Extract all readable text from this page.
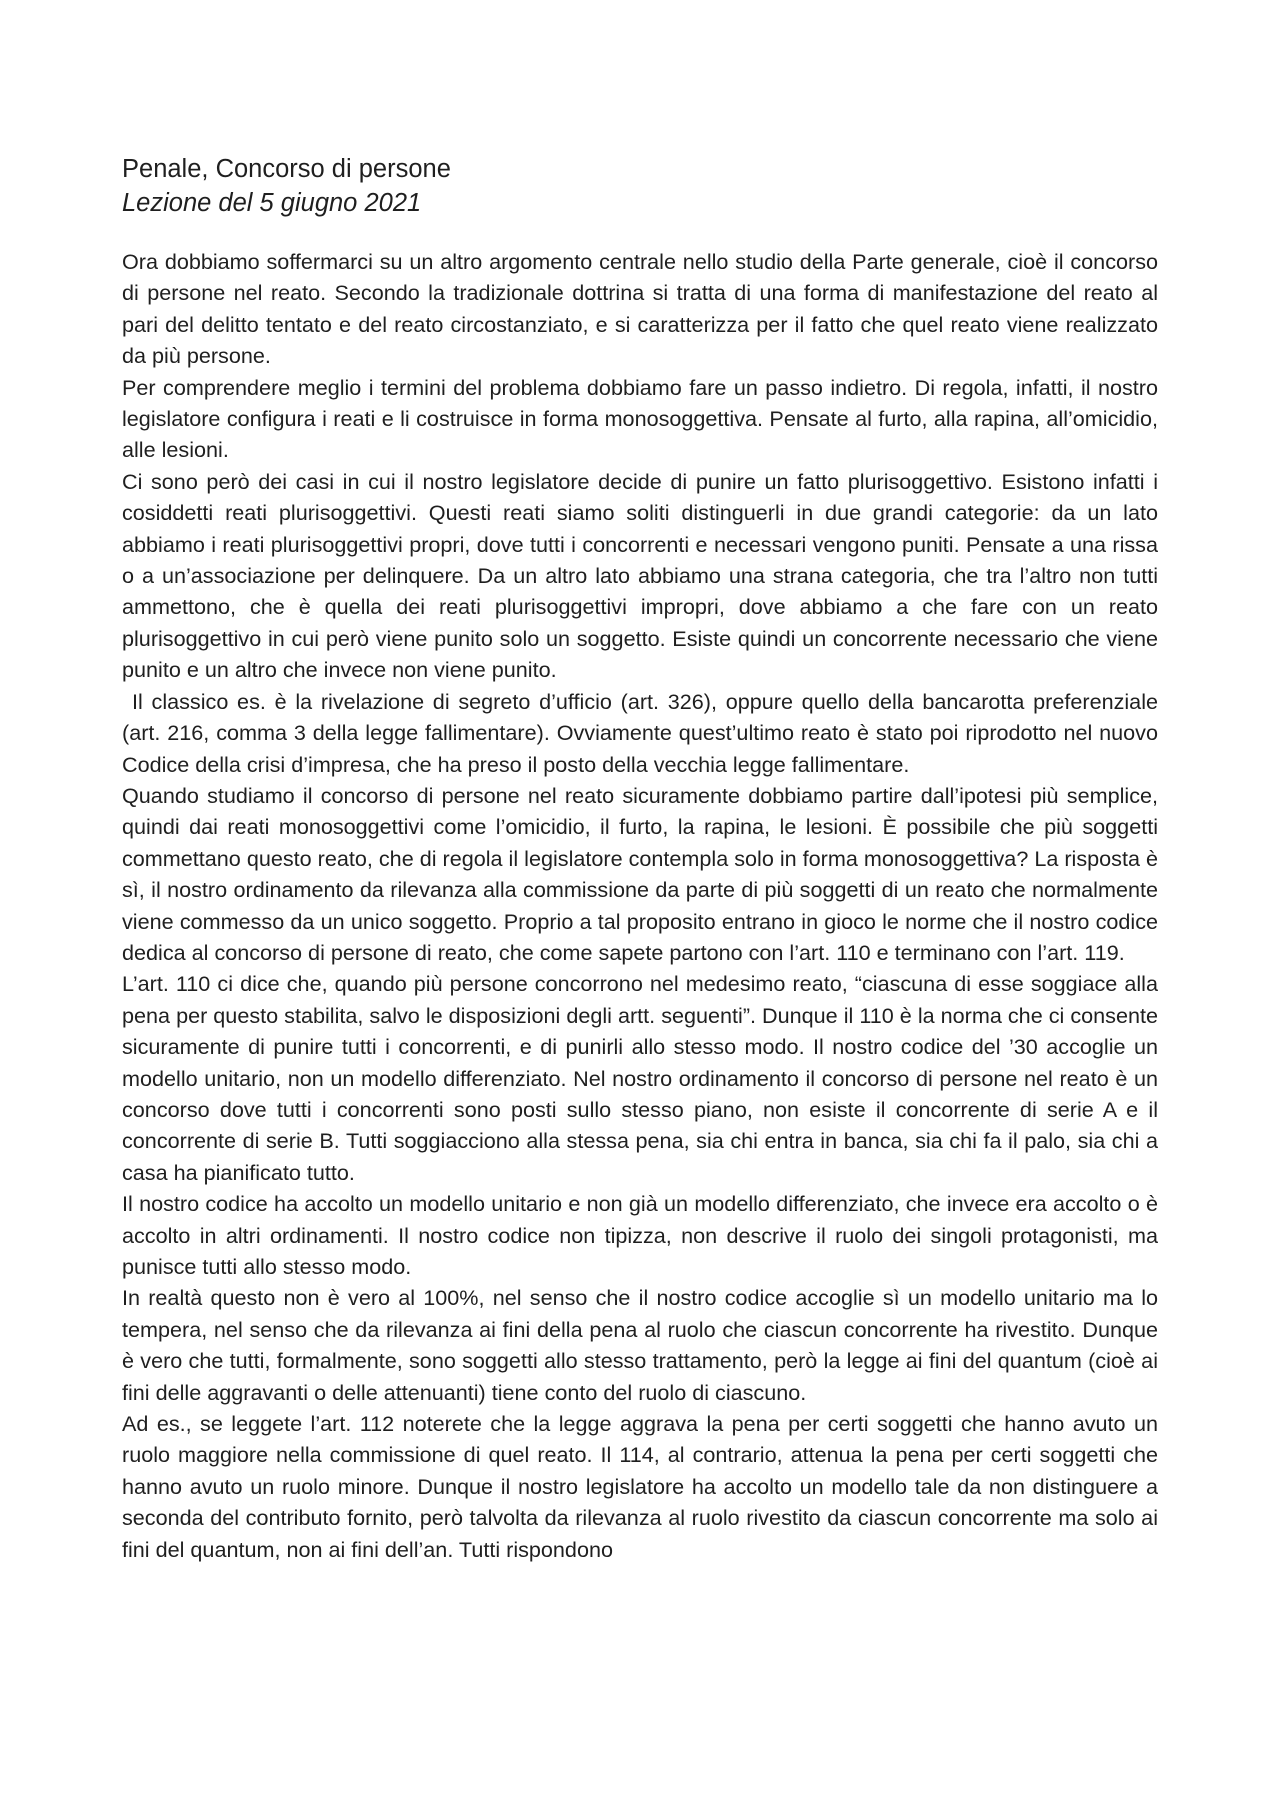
Penale, Concorso di persone
Lezione del 5 giugno 2021

Ora dobbiamo soffermarci su un altro argomento centrale nello studio della Parte generale, cioè il concorso di persone nel reato. Secondo la tradizionale dottrina si tratta di una forma di manifestazione del reato al pari del delitto tentato e del reato circostanziato, e si caratterizza per il fatto che quel reato viene realizzato da più persone.

Per comprendere meglio i termini del problema dobbiamo fare un passo indietro. Di regola, infatti, il nostro legislatore configura i reati e li costruisce in forma monosoggettiva. Pensate al furto, alla rapina, all’omicidio, alle lesioni.

Ci sono però dei casi in cui il nostro legislatore decide di punire un fatto plurisoggettivo. Esistono infatti i cosiddetti reati plurisoggettivi. Questi reati siamo soliti distinguerli in due grandi categorie: da un lato abbiamo i reati plurisoggettivi propri, dove tutti i concorrenti e necessari vengono puniti. Pensate a una rissa o a un’associazione per delinquere. Da un altro lato abbiamo una strana categoria, che tra l’altro non tutti ammettono, che è quella dei reati plurisoggettivi impropri, dove abbiamo a che fare con un reato plurisoggettivo in cui però viene punito solo un soggetto. Esiste quindi un concorrente necessario che viene punito e un altro che invece non viene punito.

Il classico es. è la rivelazione di segreto d’ufficio (art. 326), oppure quello della bancarotta preferenziale (art. 216, comma 3 della legge fallimentare). Ovviamente quest’ultimo reato è stato poi riprodotto nel nuovo Codice della crisi d’impresa, che ha preso il posto della vecchia legge fallimentare.

Quando studiamo il concorso di persone nel reato sicuramente dobbiamo partire dall’ipotesi più semplice, quindi dai reati monosoggettivi come l’omicidio, il furto, la rapina, le lesioni. È possibile che più soggetti commettano questo reato, che di regola il legislatore contempla solo in forma monosoggettiva? La risposta è sì, il nostro ordinamento da rilevanza alla commissione da parte di più soggetti di un reato che normalmente viene commesso da un unico soggetto. Proprio a tal proposito entrano in gioco le norme che il nostro codice dedica al concorso di persone di reato, che come sapete partono con l’art. 110 e terminano con l’art. 119.

L’art. 110 ci dice che, quando più persone concorrono nel medesimo reato, “ciascuna di esse soggiace alla pena per questo stabilita, salvo le disposizioni degli artt. seguenti”. Dunque il 110 è la norma che ci consente sicuramente di punire tutti i concorrenti, e di punirli allo stesso modo. Il nostro codice del ’30 accoglie un modello unitario, non un modello differenziato. Nel nostro ordinamento il concorso di persone nel reato è un concorso dove tutti i concorrenti sono posti sullo stesso piano, non esiste il concorrente di serie A e il concorrente di serie B. Tutti soggiacciono alla stessa pena, sia chi entra in banca, sia chi fa il palo, sia chi a casa ha pianificato tutto.

Il nostro codice ha accolto un modello unitario e non già un modello differenziato, che invece era accolto o è accolto in altri ordinamenti. Il nostro codice non tipizza, non descrive il ruolo dei singoli protagonisti, ma punisce tutti allo stesso modo.

In realtà questo non è vero al 100%, nel senso che il nostro codice accoglie sì un modello unitario ma lo tempera, nel senso che da rilevanza ai fini della pena al ruolo che ciascun concorrente ha rivestito. Dunque è vero che tutti, formalmente, sono soggetti allo stesso trattamento, però la legge ai fini del quantum (cioè ai fini delle aggravanti o delle attenuanti) tiene conto del ruolo di ciascuno.

Ad es., se leggete l’art. 112 noterete che la legge aggrava la pena per certi soggetti che hanno avuto un ruolo maggiore nella commissione di quel reato. Il 114, al contrario, attenua la pena per certi soggetti che hanno avuto un ruolo minore. Dunque il nostro legislatore ha accolto un modello tale da non distinguere a seconda del contributo fornito, però talvolta da rilevanza al ruolo rivestito da ciascun concorrente ma solo ai fini del quantum, non ai fini dell’an. Tutti rispondono
